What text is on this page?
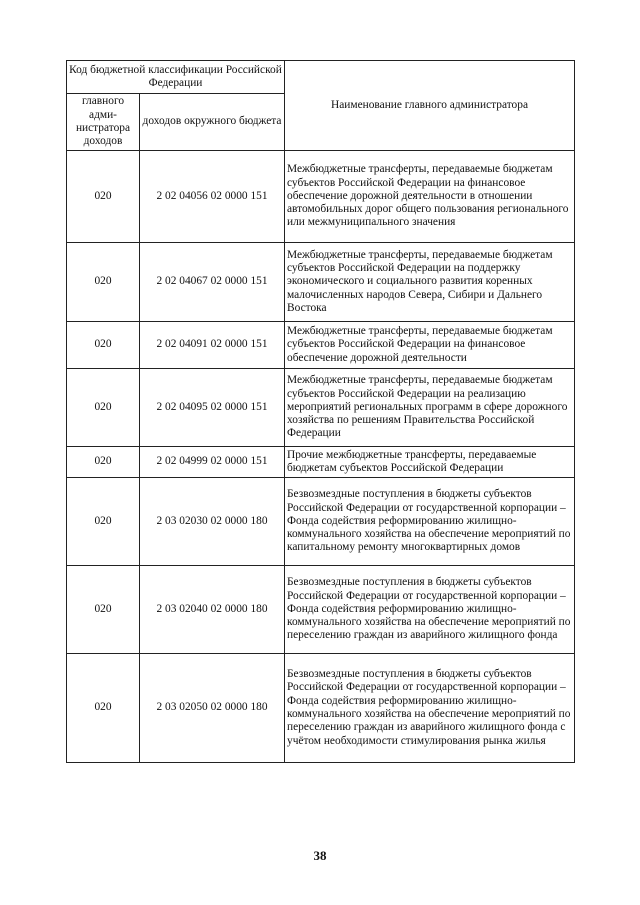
Код бюджетной классификации Российской Федерации		Наименование главного администратора
главного адми-нистратора доходов	доходов окружного бюджета	
020	2 02 04056 02 0000 151	Межбюджетные трансферты, передаваемые бюджетам субъектов Российской Федерации на финансовое обеспечение дорожной деятельности в отношении автомобильных дорог общего пользования регионального или межмуниципального значения
020	2 02 04067 02 0000 151	Межбюджетные трансферты, передаваемые бюджетам субъектов Российской Федерации на поддержку экономического и социального развития коренных малочисленных народов Севера, Сибири и Дальнего Востока
020	2 02 04091 02 0000 151	Межбюджетные трансферты, передаваемые бюджетам субъектов Российской Федерации на финансовое обеспечение дорожной деятельности
020	2 02 04095 02 0000 151	Межбюджетные трансферты, передаваемые бюджетам субъектов Российской Федерации на реализацию мероприятий региональных программ в сфере дорожного хозяйства по решениям Правительства Российской Федерации
020	2 02 04999 02 0000 151	Прочие межбюджетные трансферты, передаваемые бюджетам субъектов Российской Федерации
020	2 03 02030 02 0000 180	Безвозмездные поступления в бюджеты субъектов Российской Федерации от государственной корпорации – Фонда содействия реформированию жилищно-коммунального хозяйства на обеспечение мероприятий по капитальному ремонту многоквартирных домов
020	2 03 02040 02 0000 180	Безвозмездные поступления в бюджеты субъектов Российской Федерации от государственной корпорации – Фонда содействия реформированию жилищно-коммунального хозяйства на обеспечение мероприятий по переселению граждан из аварийного жилищного фонда
020	2 03 02050 02 0000 180	Безвозмездные поступления в бюджеты субъектов Российской Федерации от государственной корпорации – Фонда содействия реформированию жилищно-коммунального хозяйства на обеспечение мероприятий по переселению граждан из аварийного жилищного фонда с учётом необходимости стимулирования рынка жилья
38
